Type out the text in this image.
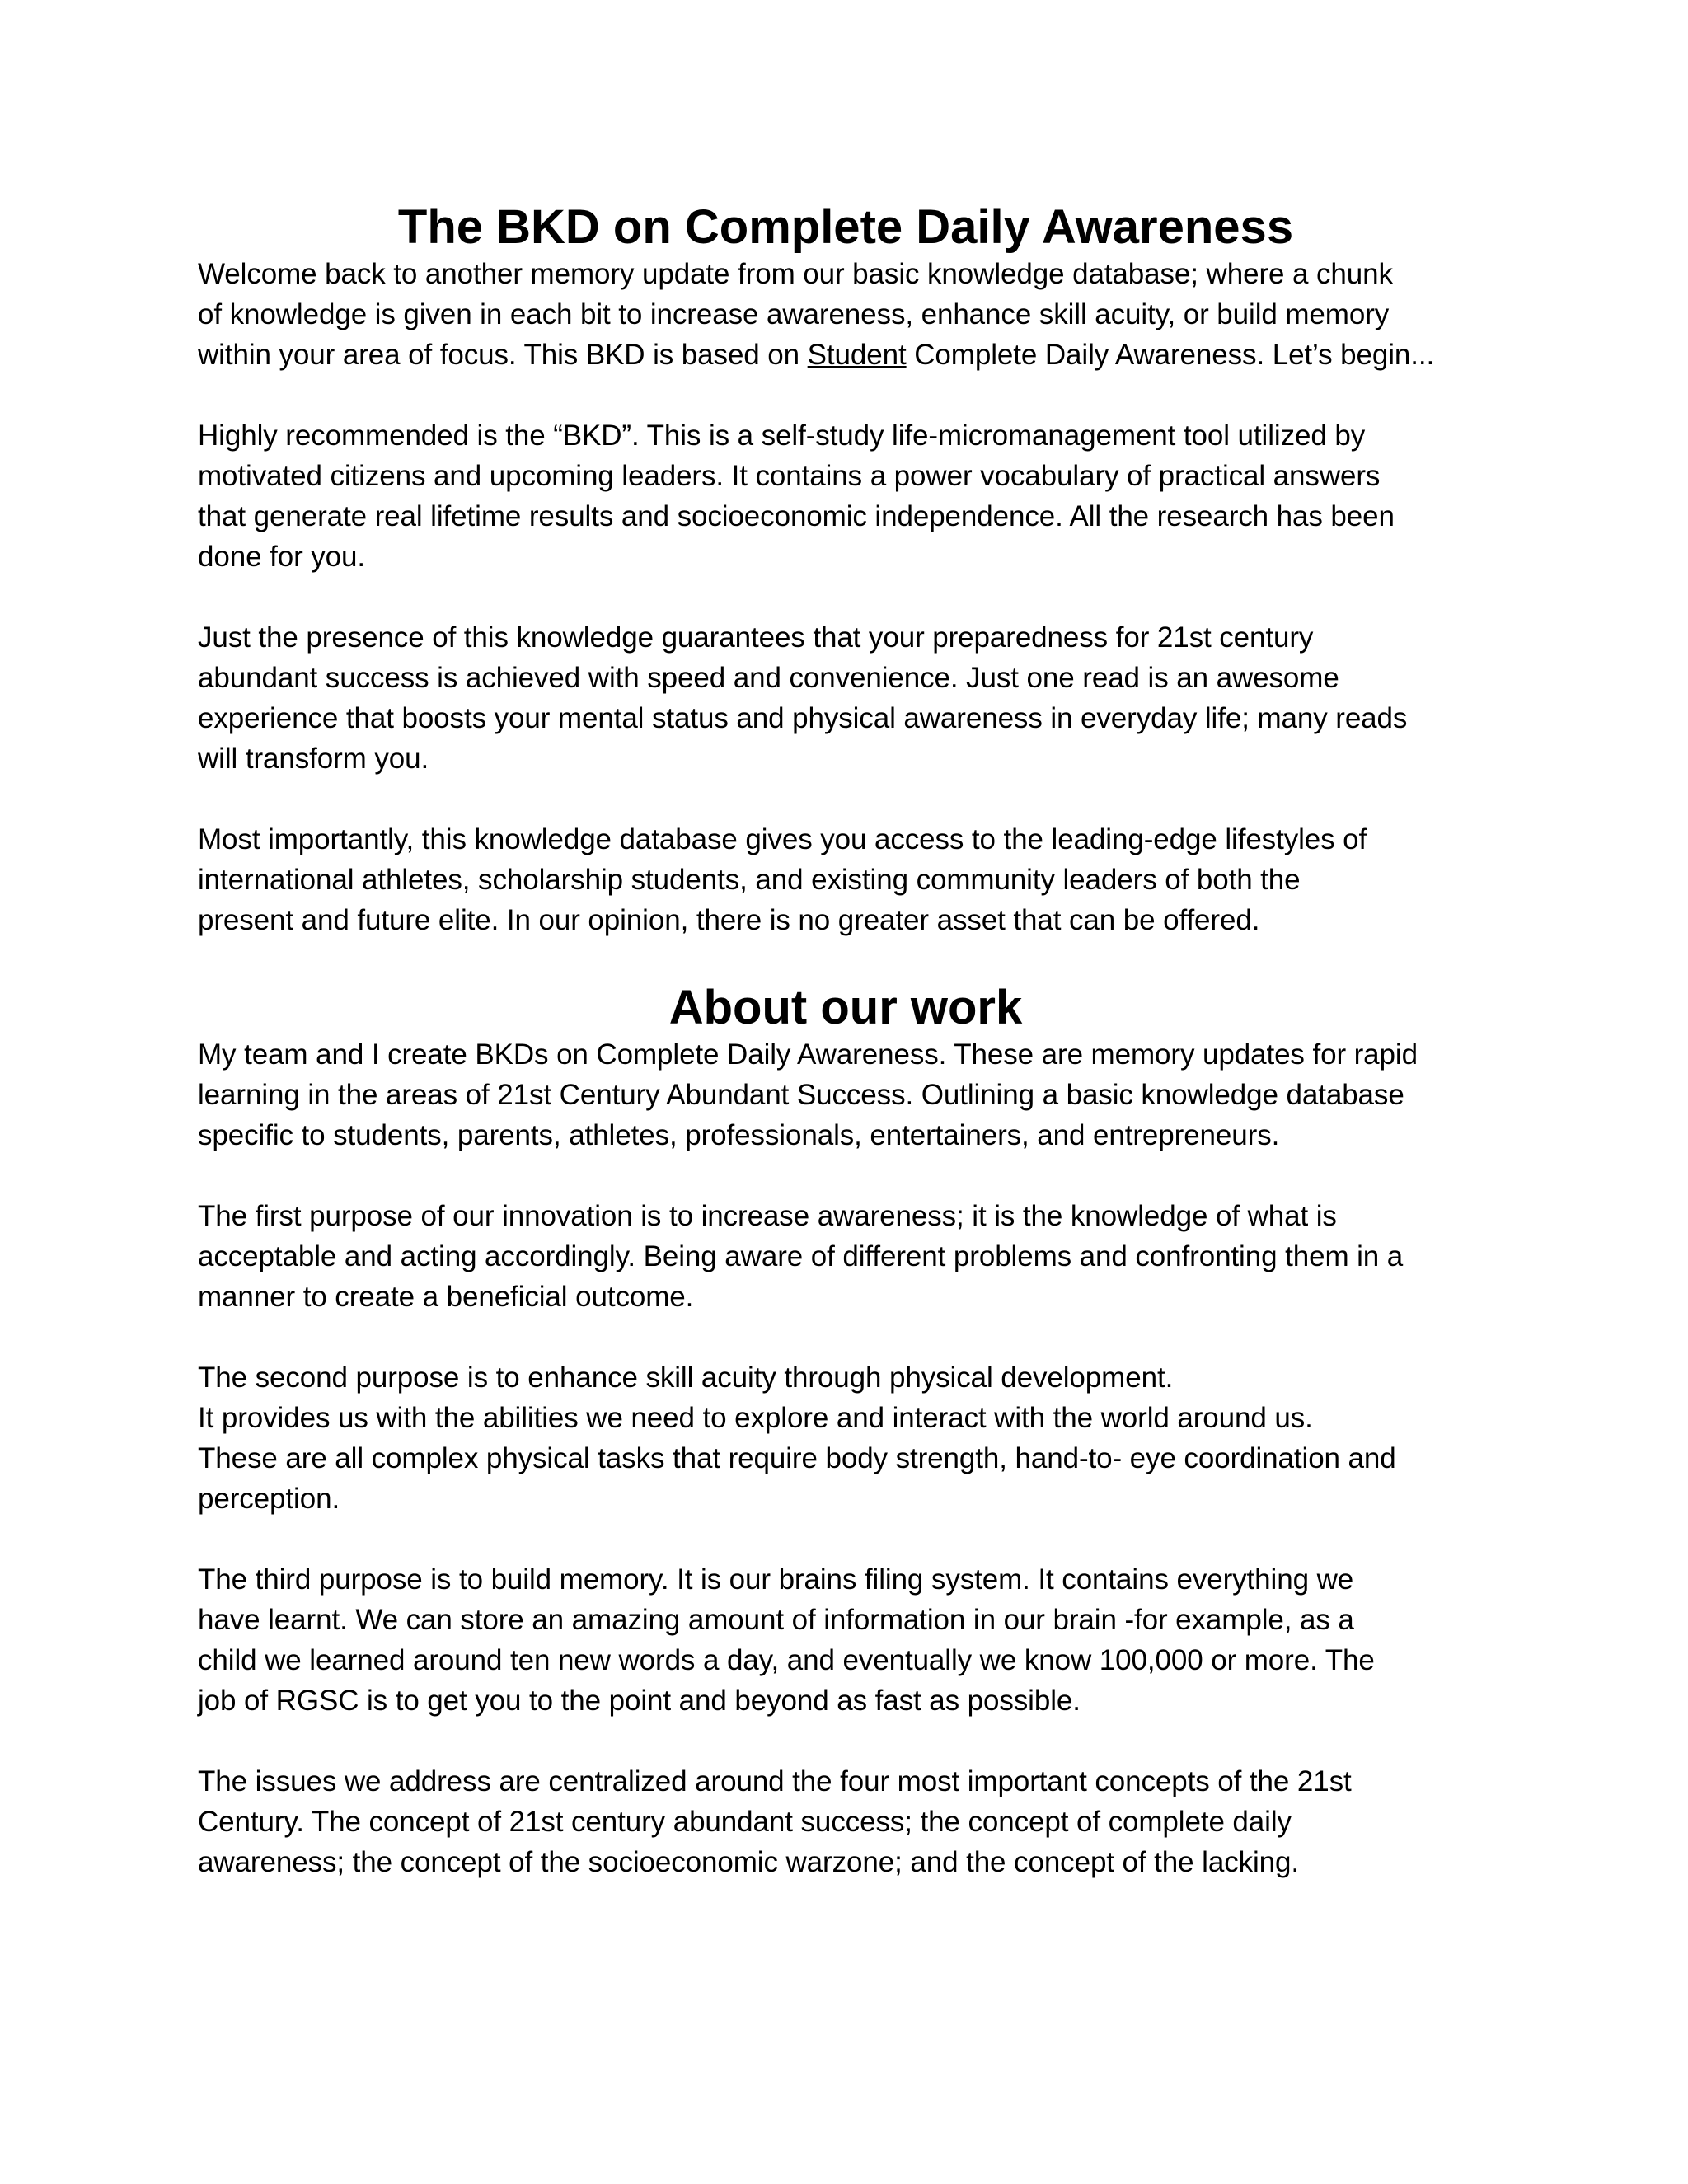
The BKD on Complete Daily Awareness

Welcome back to another memory update from our basic knowledge database; where a chunk
of knowledge is given in each bit to increase awareness, enhance skill acuity, or build memory
within your area of focus. This BKD is based on Student Complete Daily Awareness. Let’s begin...

Highly recommended is the “BKD”. This is a self-study life-micromanagement tool utilized by
motivated citizens and upcoming leaders. It contains a power vocabulary of practical answers
that generate real lifetime results and socioeconomic independence. All the research has been
done for you.

Just the presence of this knowledge guarantees that your preparedness for 21st century
abundant success is achieved with speed and convenience. Just one read is an awesome
experience that boosts your mental status and physical awareness in everyday life; many reads
will transform you.

Most importantly, this knowledge database gives you access to the leading-edge lifestyles of
international athletes, scholarship students, and existing community leaders of both the
present and future elite. In our opinion, there is no greater asset that can be offered.

About our work

My team and I create BKDs on Complete Daily Awareness. These are memory updates for rapid
learning in the areas of 21st Century Abundant Success. Outlining a basic knowledge database
specific to students, parents, athletes, professionals, entertainers, and entrepreneurs.

The first purpose of our innovation is to increase awareness; it is the knowledge of what is
acceptable and acting accordingly. Being aware of different problems and confronting them in a
manner to create a beneficial outcome.

The second purpose is to enhance skill acuity through physical development.
It provides us with the abilities we need to explore and interact with the world around us.
These are all complex physical tasks that require body strength, hand-to- eye coordination and
perception.

The third purpose is to build memory. It is our brains filing system. It contains everything we
have learnt. We can store an amazing amount of information in our brain -for example, as a
child we learned around ten new words a day, and eventually we know 100,000 or more. The
job of RGSC is to get you to the point and beyond as fast as possible.

The issues we address are centralized around the four most important concepts of the 21st
Century. The concept of 21st century abundant success; the concept of complete daily
awareness; the concept of the socioeconomic warzone; and the concept of the lacking.
